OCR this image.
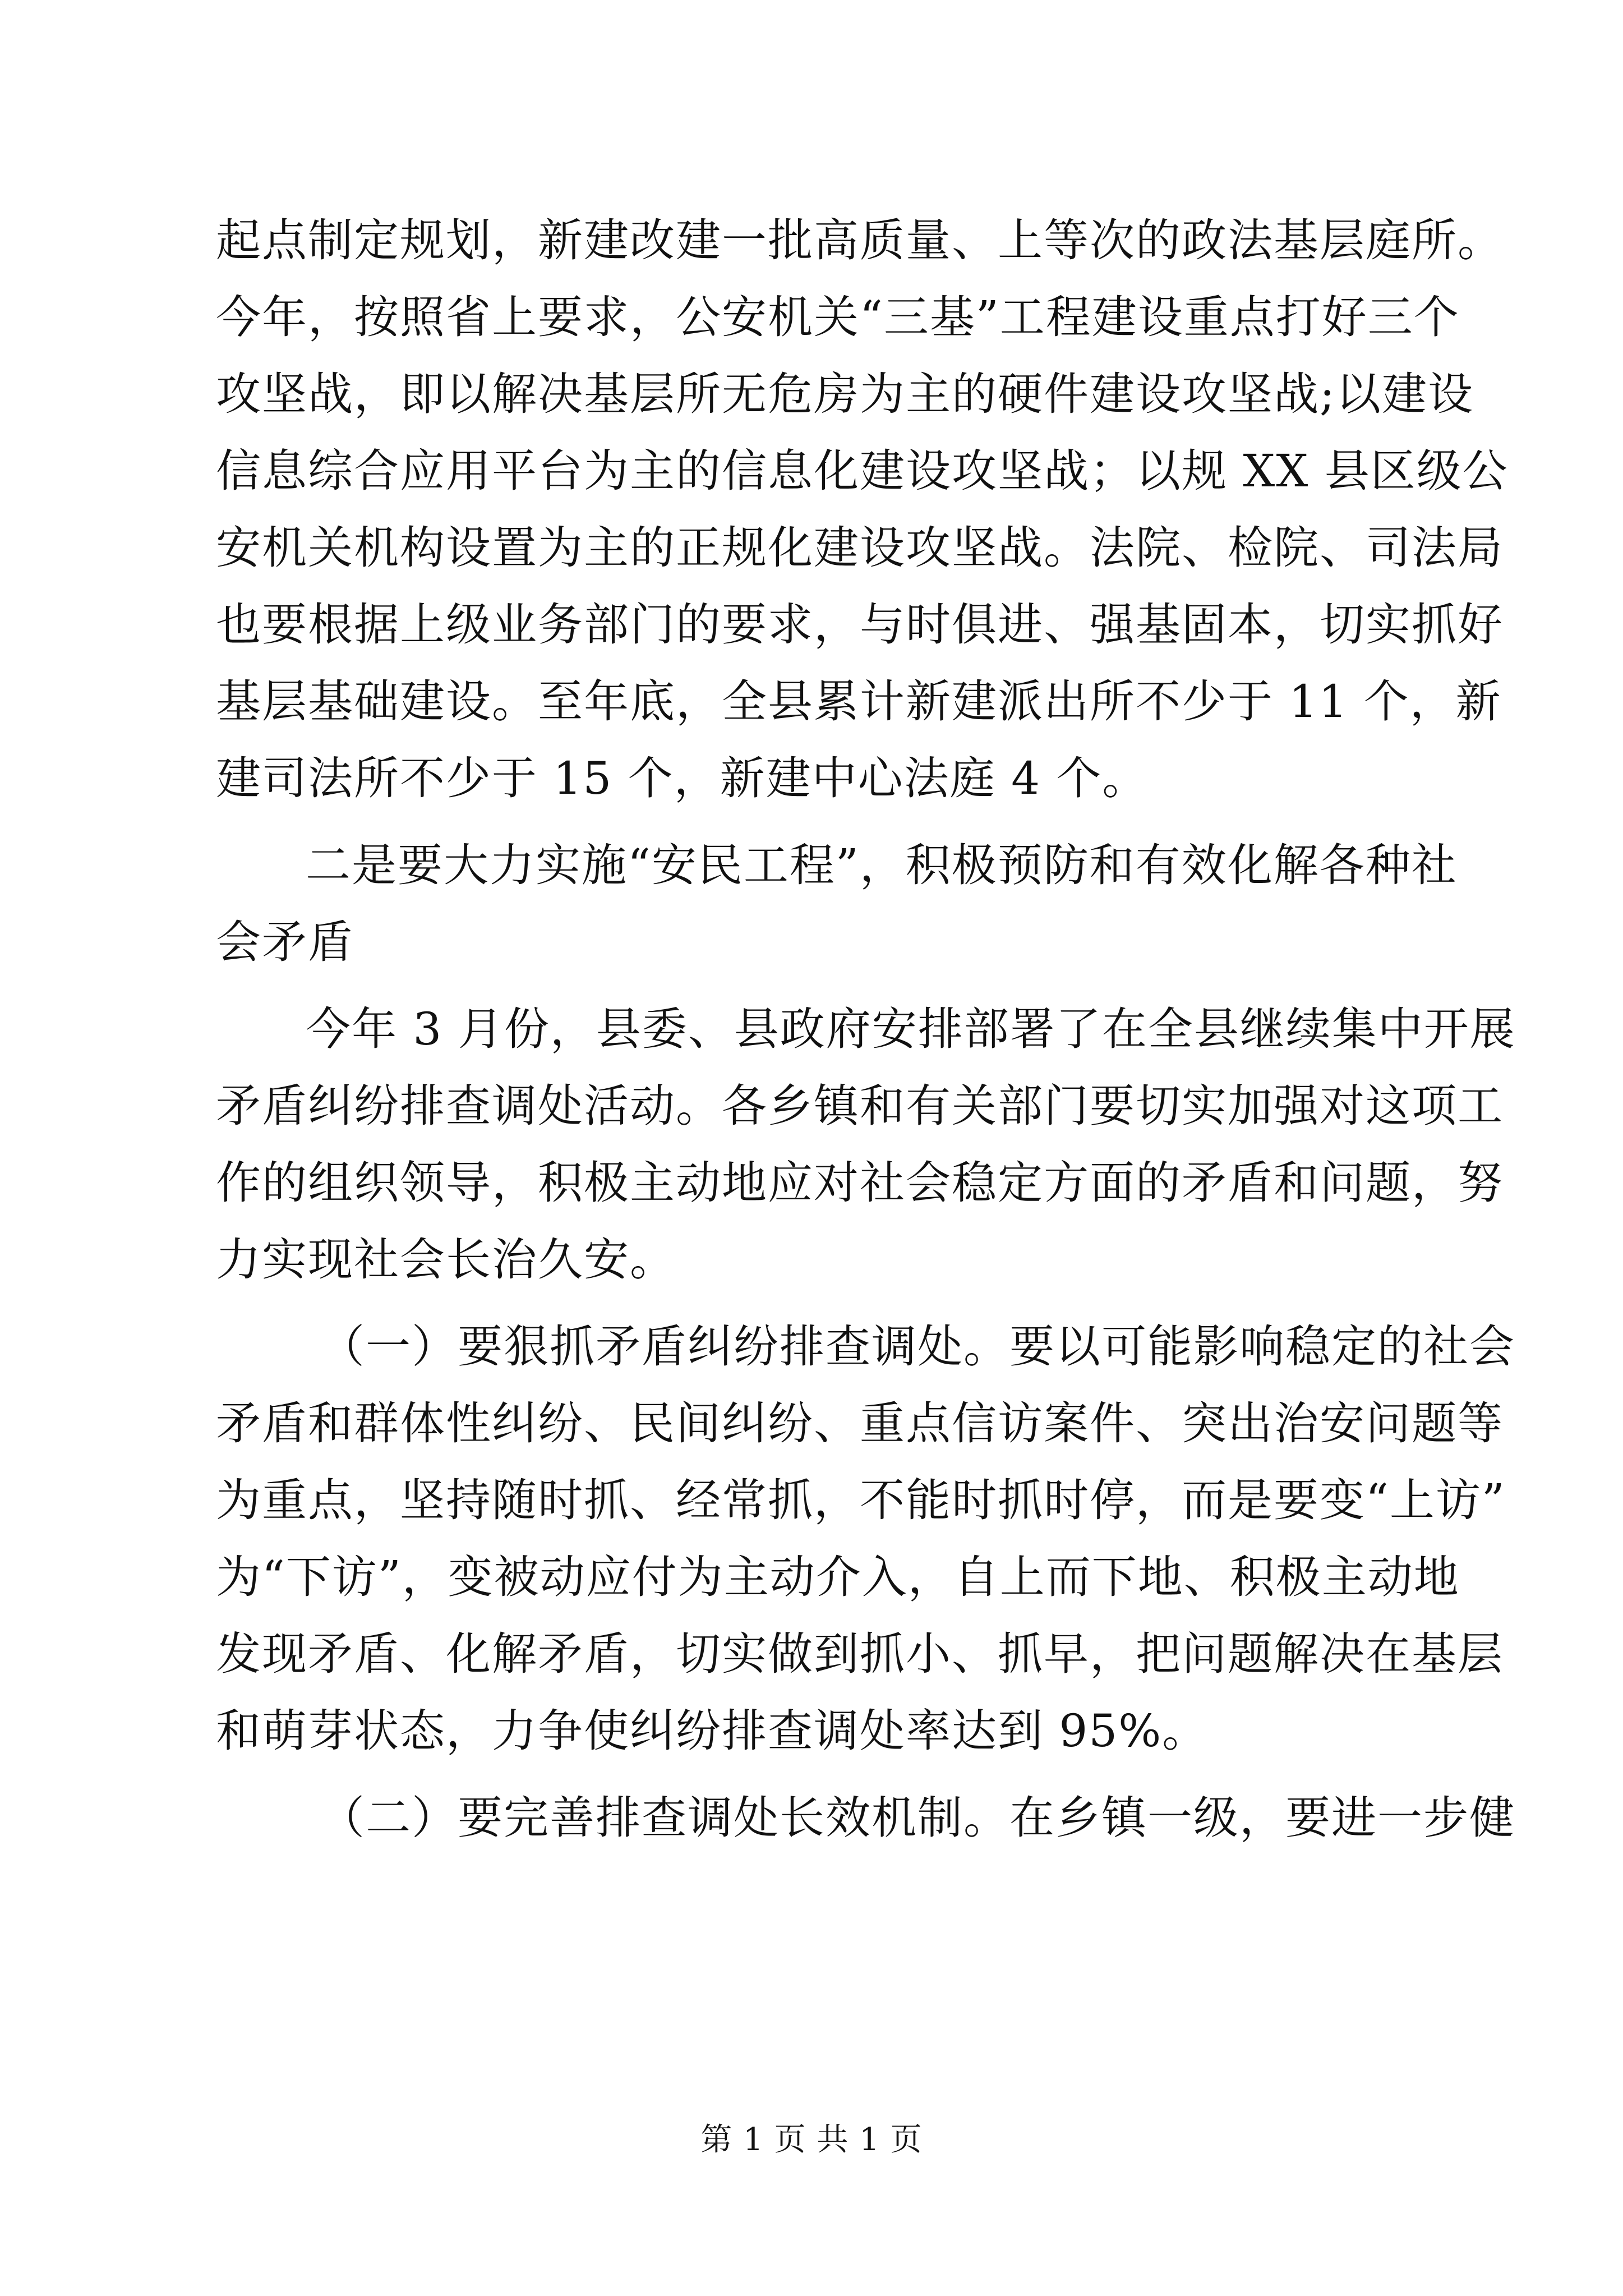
起点制定规划，新建改建一批高质量、上等次的政法基层庭所。
今年，按照省上要求，公安机关“三基”工程建设重点打好三个
攻坚战，即以解决基层所无危房为主的硬件建设攻坚战;以建设
信息综合应用平台为主的信息化建设攻坚战；以规 XX 县区级公
安机关机构设置为主的正规化建设攻坚战。法院、检院、司法局
也要根据上级业务部门的要求，与时俱进、强基固本，切实抓好
基层基础建设。至年底，全县累计新建派出所不少于 11 个，新
建司法所不少于 15 个，新建中心法庭 4 个。
二是要大力实施“安民工程”，积极预防和有效化解各种社
会矛盾
今年 3 月份，县委、县政府安排部署了在全县继续集中开展
矛盾纠纷排查调处活动。各乡镇和有关部门要切实加强对这项工
作的组织领导，积极主动地应对社会稳定方面的矛盾和问题，努
力实现社会长治久安。
（一）要狠抓矛盾纠纷排查调处。要以可能影响稳定的社会
矛盾和群体性纠纷、民间纠纷、重点信访案件、突出治安问题等
为重点，坚持随时抓、经常抓，不能时抓时停，而是要变“上访”
为“下访”，变被动应付为主动介入，自上而下地、积极主动地
发现矛盾、化解矛盾，切实做到抓小、抓早，把问题解决在基层
和萌芽状态，力争使纠纷排查调处率达到 95%。
（二）要完善排查调处长效机制。在乡镇一级，要进一步健
第 1 页 共 1 页
